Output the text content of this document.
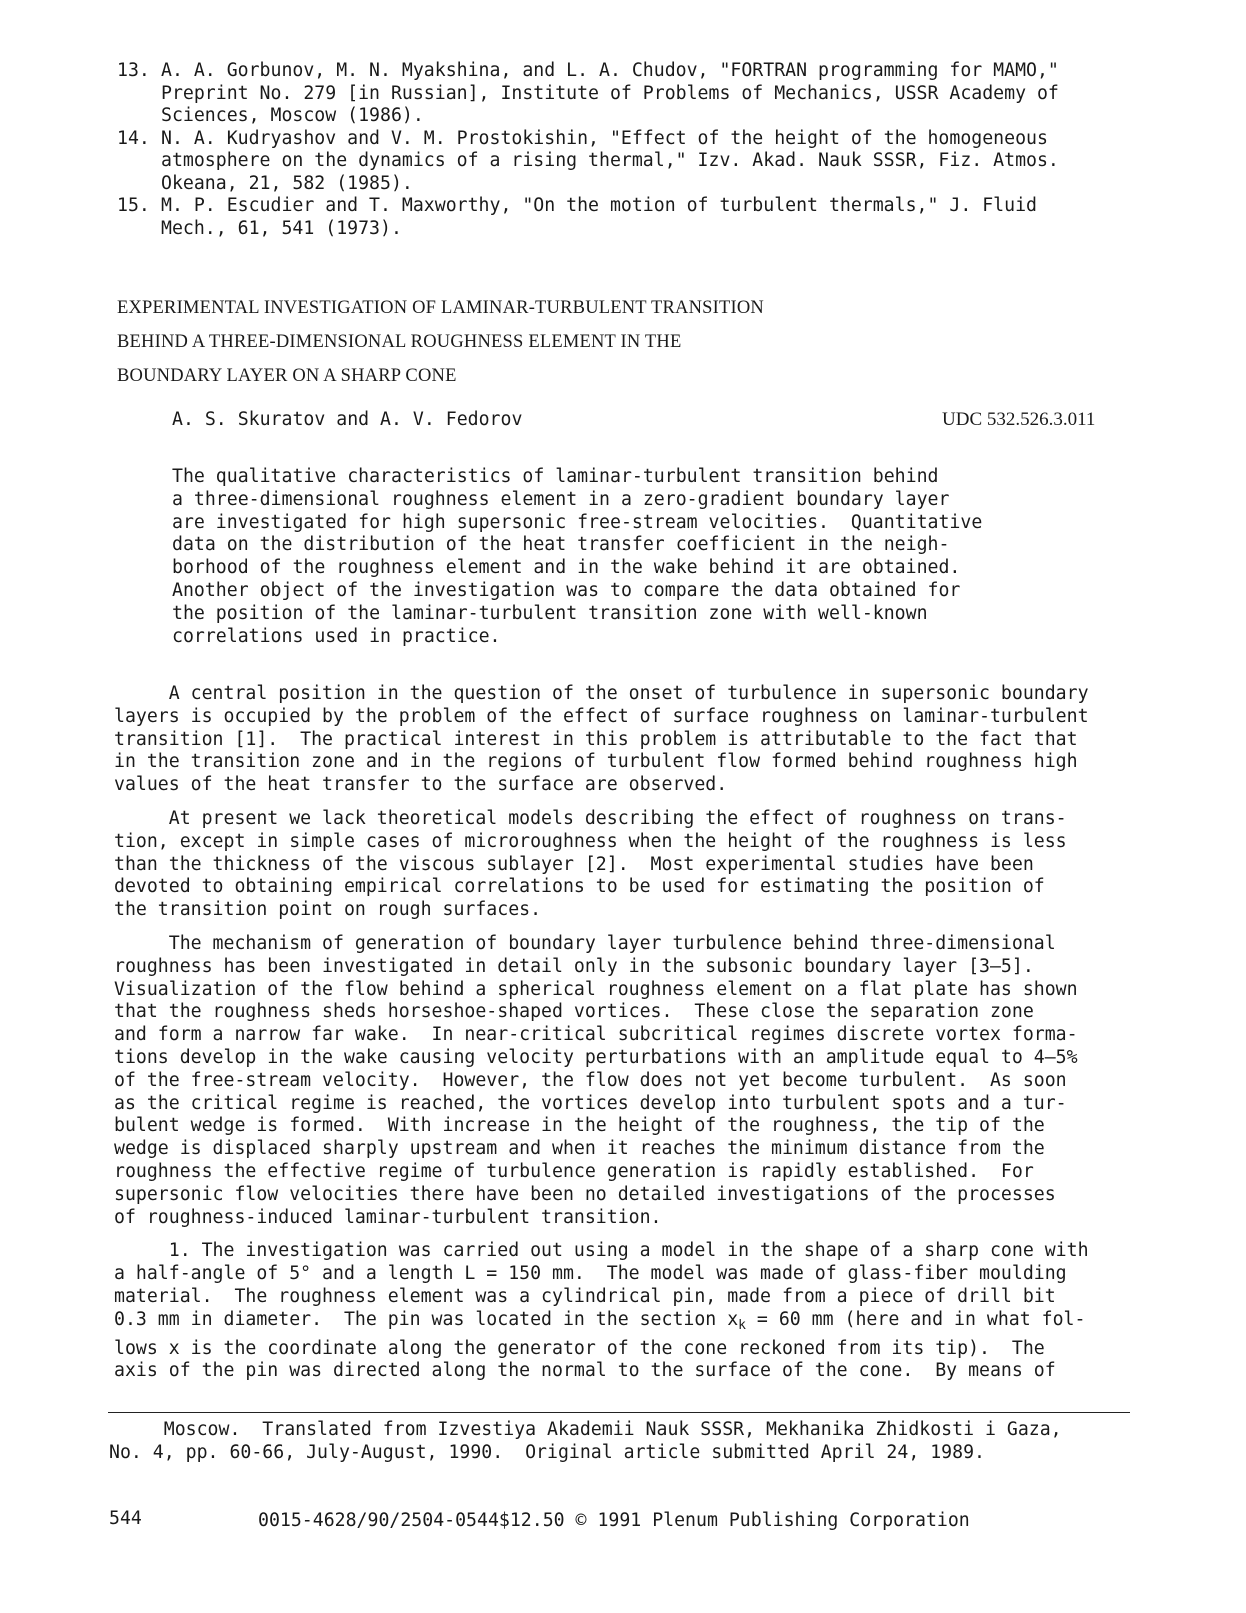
13. A. A. Gorbunov, M. N. Myakshina, and L. A. Chudov, "FORTRAN programming for MAMO,"
Preprint No. 279 [in Russian], Institute of Problems of Mechanics, USSR Academy of
Sciences, Moscow (1986).
14. N. A. Kudryashov and V. M. Prostokishin, "Effect of the height of the homogeneous
atmosphere on the dynamics of a rising thermal," Izv. Akad. Nauk SSSR, Fiz. Atmos.
Okeana, 21, 582 (1985).
15. M. P. Escudier and T. Maxworthy, "On the motion of turbulent thermals," J. Fluid
Mech., 61, 541 (1973).
EXPERIMENTAL INVESTIGATION OF LAMINAR-TURBULENT TRANSITION
BEHIND A THREE-DIMENSIONAL ROUGHNESS ELEMENT IN THE
BOUNDARY LAYER ON A SHARP CONE
A. S. Skuratov and A. V. Fedorov	UDC 532.526.3.011
The qualitative characteristics of laminar-turbulent transition behind
a three-dimensional roughness element in a zero-gradient boundary layer
are investigated for high supersonic free-stream velocities.  Quantitative
data on the distribution of the heat transfer coefficient in the neigh-
borhood of the roughness element and in the wake behind it are obtained.
Another object of the investigation was to compare the data obtained for
the position of the laminar-turbulent transition zone with well-known
correlations used in practice.
A central position in the question of the onset of turbulence in supersonic boundary
layers is occupied by the problem of the effect of surface roughness on laminar-turbulent
transition [1].  The practical interest in this problem is attributable to the fact that
in the transition zone and in the regions of turbulent flow formed behind roughness high
values of the heat transfer to the surface are observed.
At present we lack theoretical models describing the effect of roughness on trans-
tion, except in simple cases of microroughness when the height of the roughness is less
than the thickness of the viscous sublayer [2].  Most experimental studies have been
devoted to obtaining empirical correlations to be used for estimating the position of
the transition point on rough surfaces.
The mechanism of generation of boundary layer turbulence behind three-dimensional
roughness has been investigated in detail only in the subsonic boundary layer [3—5].
Visualization of the flow behind a spherical roughness element on a flat plate has shown
that the roughness sheds horseshoe-shaped vortices.  These close the separation zone
and form a narrow far wake.  In near-critical subcritical regimes discrete vortex forma-
tions develop in the wake causing velocity perturbations with an amplitude equal to 4—5%
of the free-stream velocity.  However, the flow does not yet become turbulent.  As soon
as the critical regime is reached, the vortices develop into turbulent spots and a tur-
bulent wedge is formed.  With increase in the height of the roughness, the tip of the
wedge is displaced sharply upstream and when it reaches the minimum distance from the
roughness the effective regime of turbulence generation is rapidly established.  For
supersonic flow velocities there have been no detailed investigations of the processes
of roughness-induced laminar-turbulent transition.
1. The investigation was carried out using a model in the shape of a sharp cone with
a half-angle of 5° and a length L = 150 mm.  The model was made of glass-fiber moulding
material.  The roughness element was a cylindrical pin, made from a piece of drill bit
0.3 mm in diameter.  The pin was located in the section $x_k = 60$ mm (here and in what fol-
lows x is the coordinate along the generator of the cone reckoned from its tip).  The
axis of the pin was directed along the normal to the surface of the cone.  By means of
Moscow.  Translated from Izvestiya Akademii Nauk SSSR, Mekhanika Zhidkosti i Gaza,
No. 4, pp. 60-66, July-August, 1990.  Original article submitted April 24, 1989.
544	0015-4628/90/2504-0544$12.50 © 1991 Plenum Publishing Corporation
